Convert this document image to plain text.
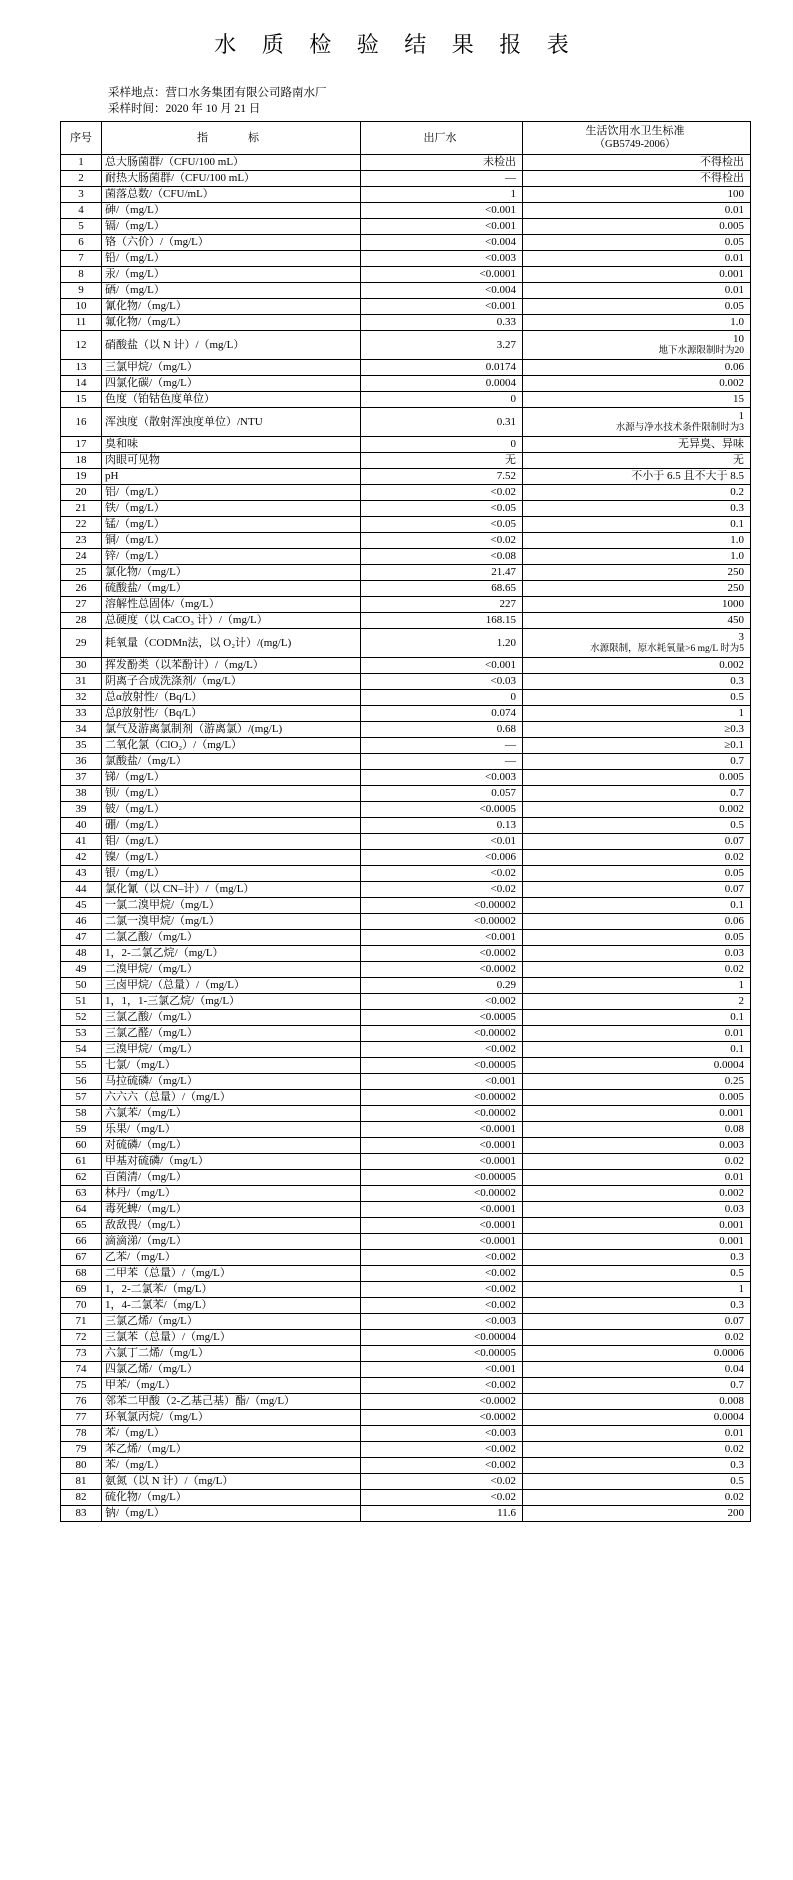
水 质 检 验 结 果 报 表
采样地点：营口水务集团有限公司路南水厂
采样时间：2020 年 10 月 21 日
序号	指　　标	出厂水	生活饮用水卫生标准
（GB5749-2006）

1	总大肠菌群/（CFU/100 mL）	未检出	不得检出
2	耐热大肠菌群/（CFU/100 mL）	—	不得检出
3	菌落总数/（CFU/mL）	1	100
4	砷/（mg/L）	<0.001	0.01
5	镉/（mg/L）	<0.001	0.005
6	铬（六价）/（mg/L）	<0.004	0.05
7	铅/（mg/L）	<0.003	0.01
8	汞/（mg/L）	<0.0001	0.001
9	硒/（mg/L）	<0.004	0.01
10	氰化物/（mg/L）	<0.001	0.05
11	氟化物/（mg/L）	0.33	1.0
12	硝酸盐（以 N 计）/（mg/L）	3.27	10
地下水源限制时为20

13	三氯甲烷/（mg/L）	0.0174	0.06
14	四氯化碳/（mg/L）	0.0004	0.002
15	色度（铂钴色度单位）	0	15
16	浑浊度（散射浑浊度单位）/NTU	0.31	1
水源与净水技术条件限制时为3

17	臭和味	0	无异臭、异味
18	肉眼可见物	无	无
19	pH	7.52	不小于 6.5 且不大于 8.5
20	铝/（mg/L）	<0.02	0.2
21	铁/（mg/L）	<0.05	0.3
22	锰/（mg/L）	<0.05	0.1
23	铜/（mg/L）	<0.02	1.0
24	锌/（mg/L）	<0.08	1.0
25	氯化物/（mg/L）	21.47	250
26	硫酸盐/（mg/L）	68.65	250
27	溶解性总固体/（mg/L）	227	1000
28	总硬度（以 CaCO₃ 计）/（mg/L）	168.15	450
29	耗氧量（CODMn法，以 O₂计）/(mg/L)	1.20	3
水源限制，原水耗氧量>6 mg/L 时为5

30	挥发酚类（以苯酚计）/（mg/L）	<0.001	0.002
31	阴离子合成洗涤剂/（mg/L）	<0.03	0.3
32	总α放射性/（Bq/L）	0	0.5
33	总β放射性/（Bq/L）	0.074	1
34	氯气及游离氯制剂（游离氯）/(mg/L)	0.68	≥0.3
35	二氧化氯（ClO₂）/（mg/L）	—	≥0.1
36	氯酸盐/（mg/L）	—	0.7
37	锑/（mg/L）	<0.003	0.005
38	钡/（mg/L）	0.057	0.7
39	铍/（mg/L）	<0.0005	0.002
40	硼/（mg/L）	0.13	0.5
41	钼/（mg/L）	<0.01	0.07
42	镍/（mg/L）	<0.006	0.02
43	银/（mg/L）	<0.02	0.05
44	氯化氰（以 CN–计）/（mg/L）	<0.02	0.07
45	一氯二溴甲烷/（mg/L）	<0.00002	0.1
46	二氯一溴甲烷/（mg/L）	<0.00002	0.06
47	二氯乙酸/（mg/L）	<0.001	0.05
48	1，2-二氯乙烷/（mg/L）	<0.0002	0.03
49	二溴甲烷/（mg/L）	<0.0002	0.02
50	三卤甲烷/（总量）/（mg/L）	0.29	1
51	1，1，1-三氯乙烷/（mg/L）	<0.002	2
52	三氯乙酸/（mg/L）	<0.0005	0.1
53	三氯乙醛/（mg/L）	<0.00002	0.01
54	三溴甲烷/（mg/L）	<0.002	0.1
55	七氯/（mg/L）	<0.00005	0.0004
56	马拉硫磷/（mg/L）	<0.001	0.25
57	六六六（总量）/（mg/L）	<0.00002	0.005
58	六氯苯/（mg/L）	<0.00002	0.001
59	乐果/（mg/L）	<0.0001	0.08
60	对硫磷/（mg/L）	<0.0001	0.003
61	甲基对硫磷/（mg/L）	<0.0001	0.02
62	百菌清/（mg/L）	<0.00005	0.01
63	林丹/（mg/L）	<0.00002	0.002
64	毒死蜱/（mg/L）	<0.0001	0.03
65	敌敌畏/（mg/L）	<0.0001	0.001
66	滴滴涕/（mg/L）	<0.0001	0.001
67	乙苯/（mg/L）	<0.002	0.3
68	二甲苯（总量）/（mg/L）	<0.002	0.5
69	1，2-二氯苯/（mg/L）	<0.002	1
70	1，4-二氯苯/（mg/L）	<0.002	0.3
71	三氯乙烯/（mg/L）	<0.003	0.07
72	三氯苯（总量）/（mg/L）	<0.00004	0.02
73	六氯丁二烯/（mg/L）	<0.00005	0.0006
74	四氯乙烯/（mg/L）	<0.001	0.04
75	甲苯/（mg/L）	<0.002	0.7
76	邻苯二甲酸（2-乙基己基）酯/（mg/L）	<0.0002	0.008
77	环氧氯丙烷/（mg/L）	<0.0002	0.0004
78	苯/（mg/L）	<0.003	0.01
79	苯乙烯/（mg/L）	<0.002	0.02
80	苯/（mg/L）	<0.002	0.3
81	氨氮（以 N 计）/（mg/L）	<0.02	0.5
82	硫化物/（mg/L）	<0.02	0.02
83	钠/（mg/L）	11.6	200
